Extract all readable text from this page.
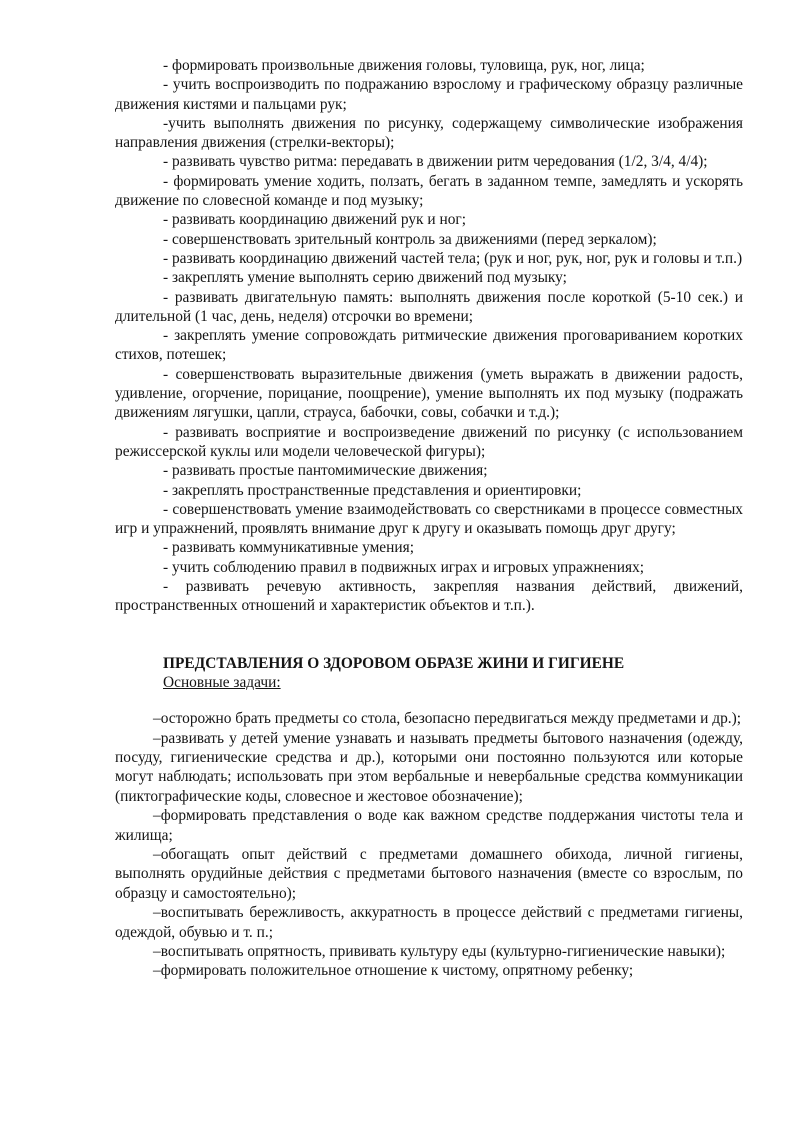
- формировать произвольные движения головы, туловища, рук, ног, лица;

- учить воспроизводить по подражанию взрослому и графическому образцу различные движения кистями и пальцами рук;

-учить выполнять движения по рисунку, содержащему символические изображения направления движения (стрелки-векторы);

- развивать чувство ритма: передавать в движении ритм чередования (1/2, 3/4, 4/4);

- формировать умение ходить, ползать, бегать в заданном темпе, замедлять и ускорять движение по словесной команде и под музыку;

- развивать координацию движений рук и ног;

- совершенствовать зрительный контроль за движениями (перед зеркалом);

- развивать координацию движений частей тела; (рук и ног, рук, ног, рук и головы и т.п.)

- закреплять умение выполнять серию движений под музыку;

- развивать двигательную память: выполнять движения после короткой (5-10 сек.) и длительной (1 час, день, неделя) отсрочки во времени;

- закреплять умение сопровождать ритмические движения проговариванием коротких стихов, потешек;

- совершенствовать выразительные движения (уметь выражать в движении радость, удивление, огорчение, порицание, поощрение), умение выполнять их под музыку (подражать движениям лягушки, цапли, страуса, бабочки, совы, собачки и т.д.);

- развивать восприятие и воспроизведение движений по рисунку (с использованием режиссерской куклы или модели человеческой фигуры);

- развивать простые пантомимические движения;

- закреплять пространственные представления и ориентировки;

- совершенствовать умение взаимодействовать со сверстниками в процессе совместных игр и упражнений, проявлять внимание друг к другу и оказывать помощь друг другу;

- развивать коммуникативные умения;

- учить соблюдению правил в подвижных играх и игровых упражнениях;

- развивать речевую активность, закрепляя названия действий, движений, пространственных отношений и характеристик объектов и т.п.).

ПРЕДСТАВЛЕНИЯ О ЗДОРОВОМ ОБРАЗЕ ЖИНИ И ГИГИЕНЕ

Основные задачи:

–осторожно брать предметы со стола, безопасно передвигаться между предметами и др.);

–развивать у детей умение узнавать и называть предметы бытового назначения (одежду, посуду, гигиенические средства и др.), которыми они постоянно пользуются или которые могут наблюдать; использовать при этом вербальные и невербальные средства коммуникации (пиктографические коды, словесное и жестовое обозначение);

–формировать представления о воде как важном средстве поддержания чистоты тела и жилища;

–обогащать опыт действий с предметами домашнего обихода, личной гигиены, выполнять орудийные действия с предметами бытового назначения (вместе со взрослым, по образцу и самостоятельно);

–воспитывать бережливость, аккуратность в процессе действий с предметами гигиены, одеждой, обувью и т. п.;

–воспитывать опрятность, прививать культуру еды (культурно-гигиенические навыки);

–формировать положительное отношение к чистому, опрятному ребенку;
